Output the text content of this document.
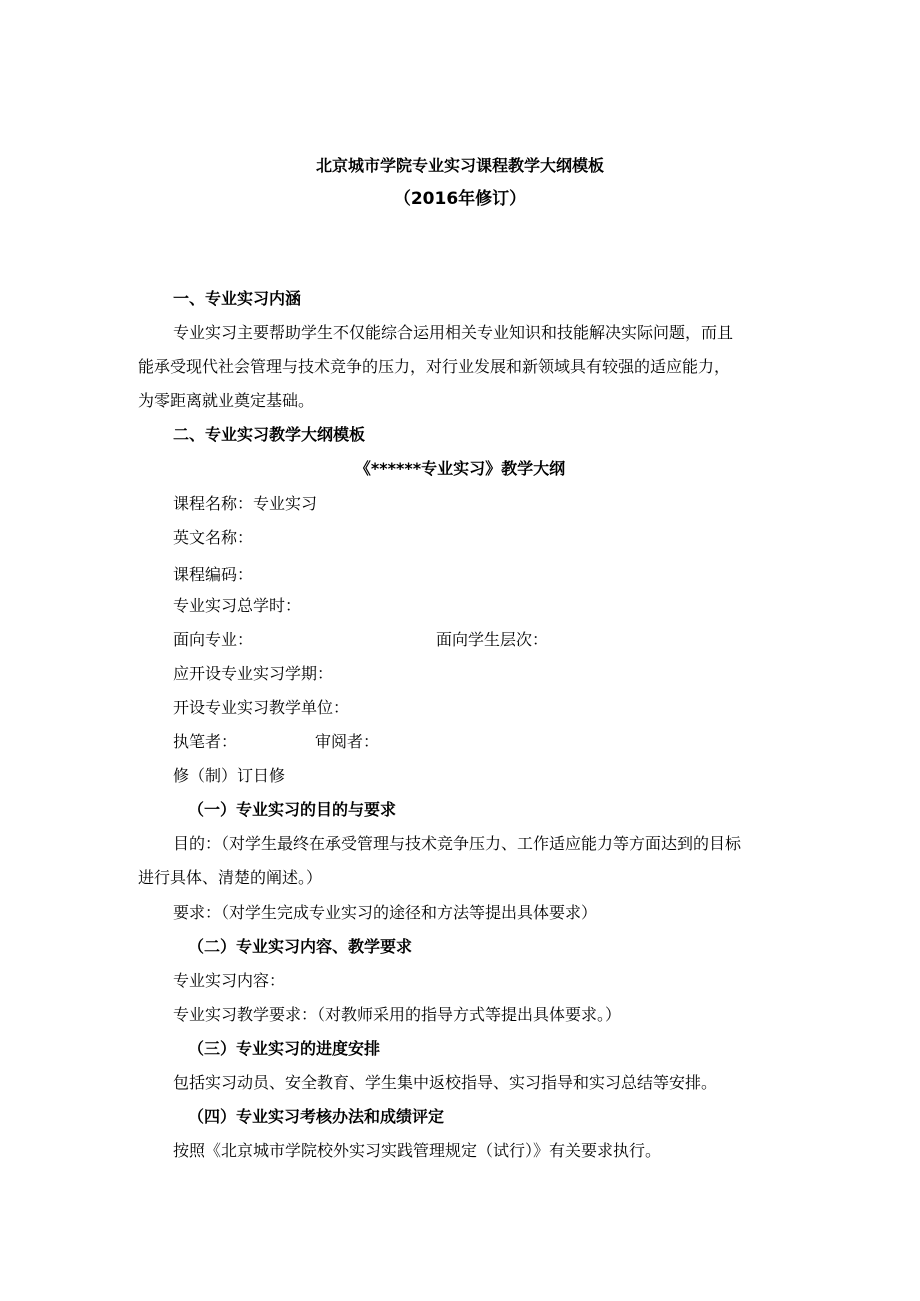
北京城市学院专业实习课程教学大纲模板
（2016年修订）
一、专业实习内涵
专业实习主要帮助学生不仅能综合运用相关专业知识和技能解决实际问题，而且
能承受现代社会管理与技术竞争的压力，对行业发展和新领域具有较强的适应能力，
为零距离就业奠定基础。
二、专业实习教学大纲模板
《******专业实习》教学大纲
课程名称：专业实习
英文名称：
课程编码：
专业实习总学时：
面向专业：	面向学生层次：
应开设专业实习学期：
开设专业实习教学单位：
执笔者：	审阅者：
修（制）订日修
（一）专业实习的目的与要求
目的：（对学生最终在承受管理与技术竞争压力、工作适应能力等方面达到的目标
进行具体、清楚的阐述。）
要求：（对学生完成专业实习的途径和方法等提出具体要求）
（二）专业实习内容、教学要求
专业实习内容：
专业实习教学要求：（对教师采用的指导方式等提出具体要求。）
（三）专业实习的进度安排
包括实习动员、安全教育、学生集中返校指导、实习指导和实习总结等安排。
（四）专业实习考核办法和成绩评定
按照《北京城市学院校外实习实践管理规定（试行）》有关要求执行。
